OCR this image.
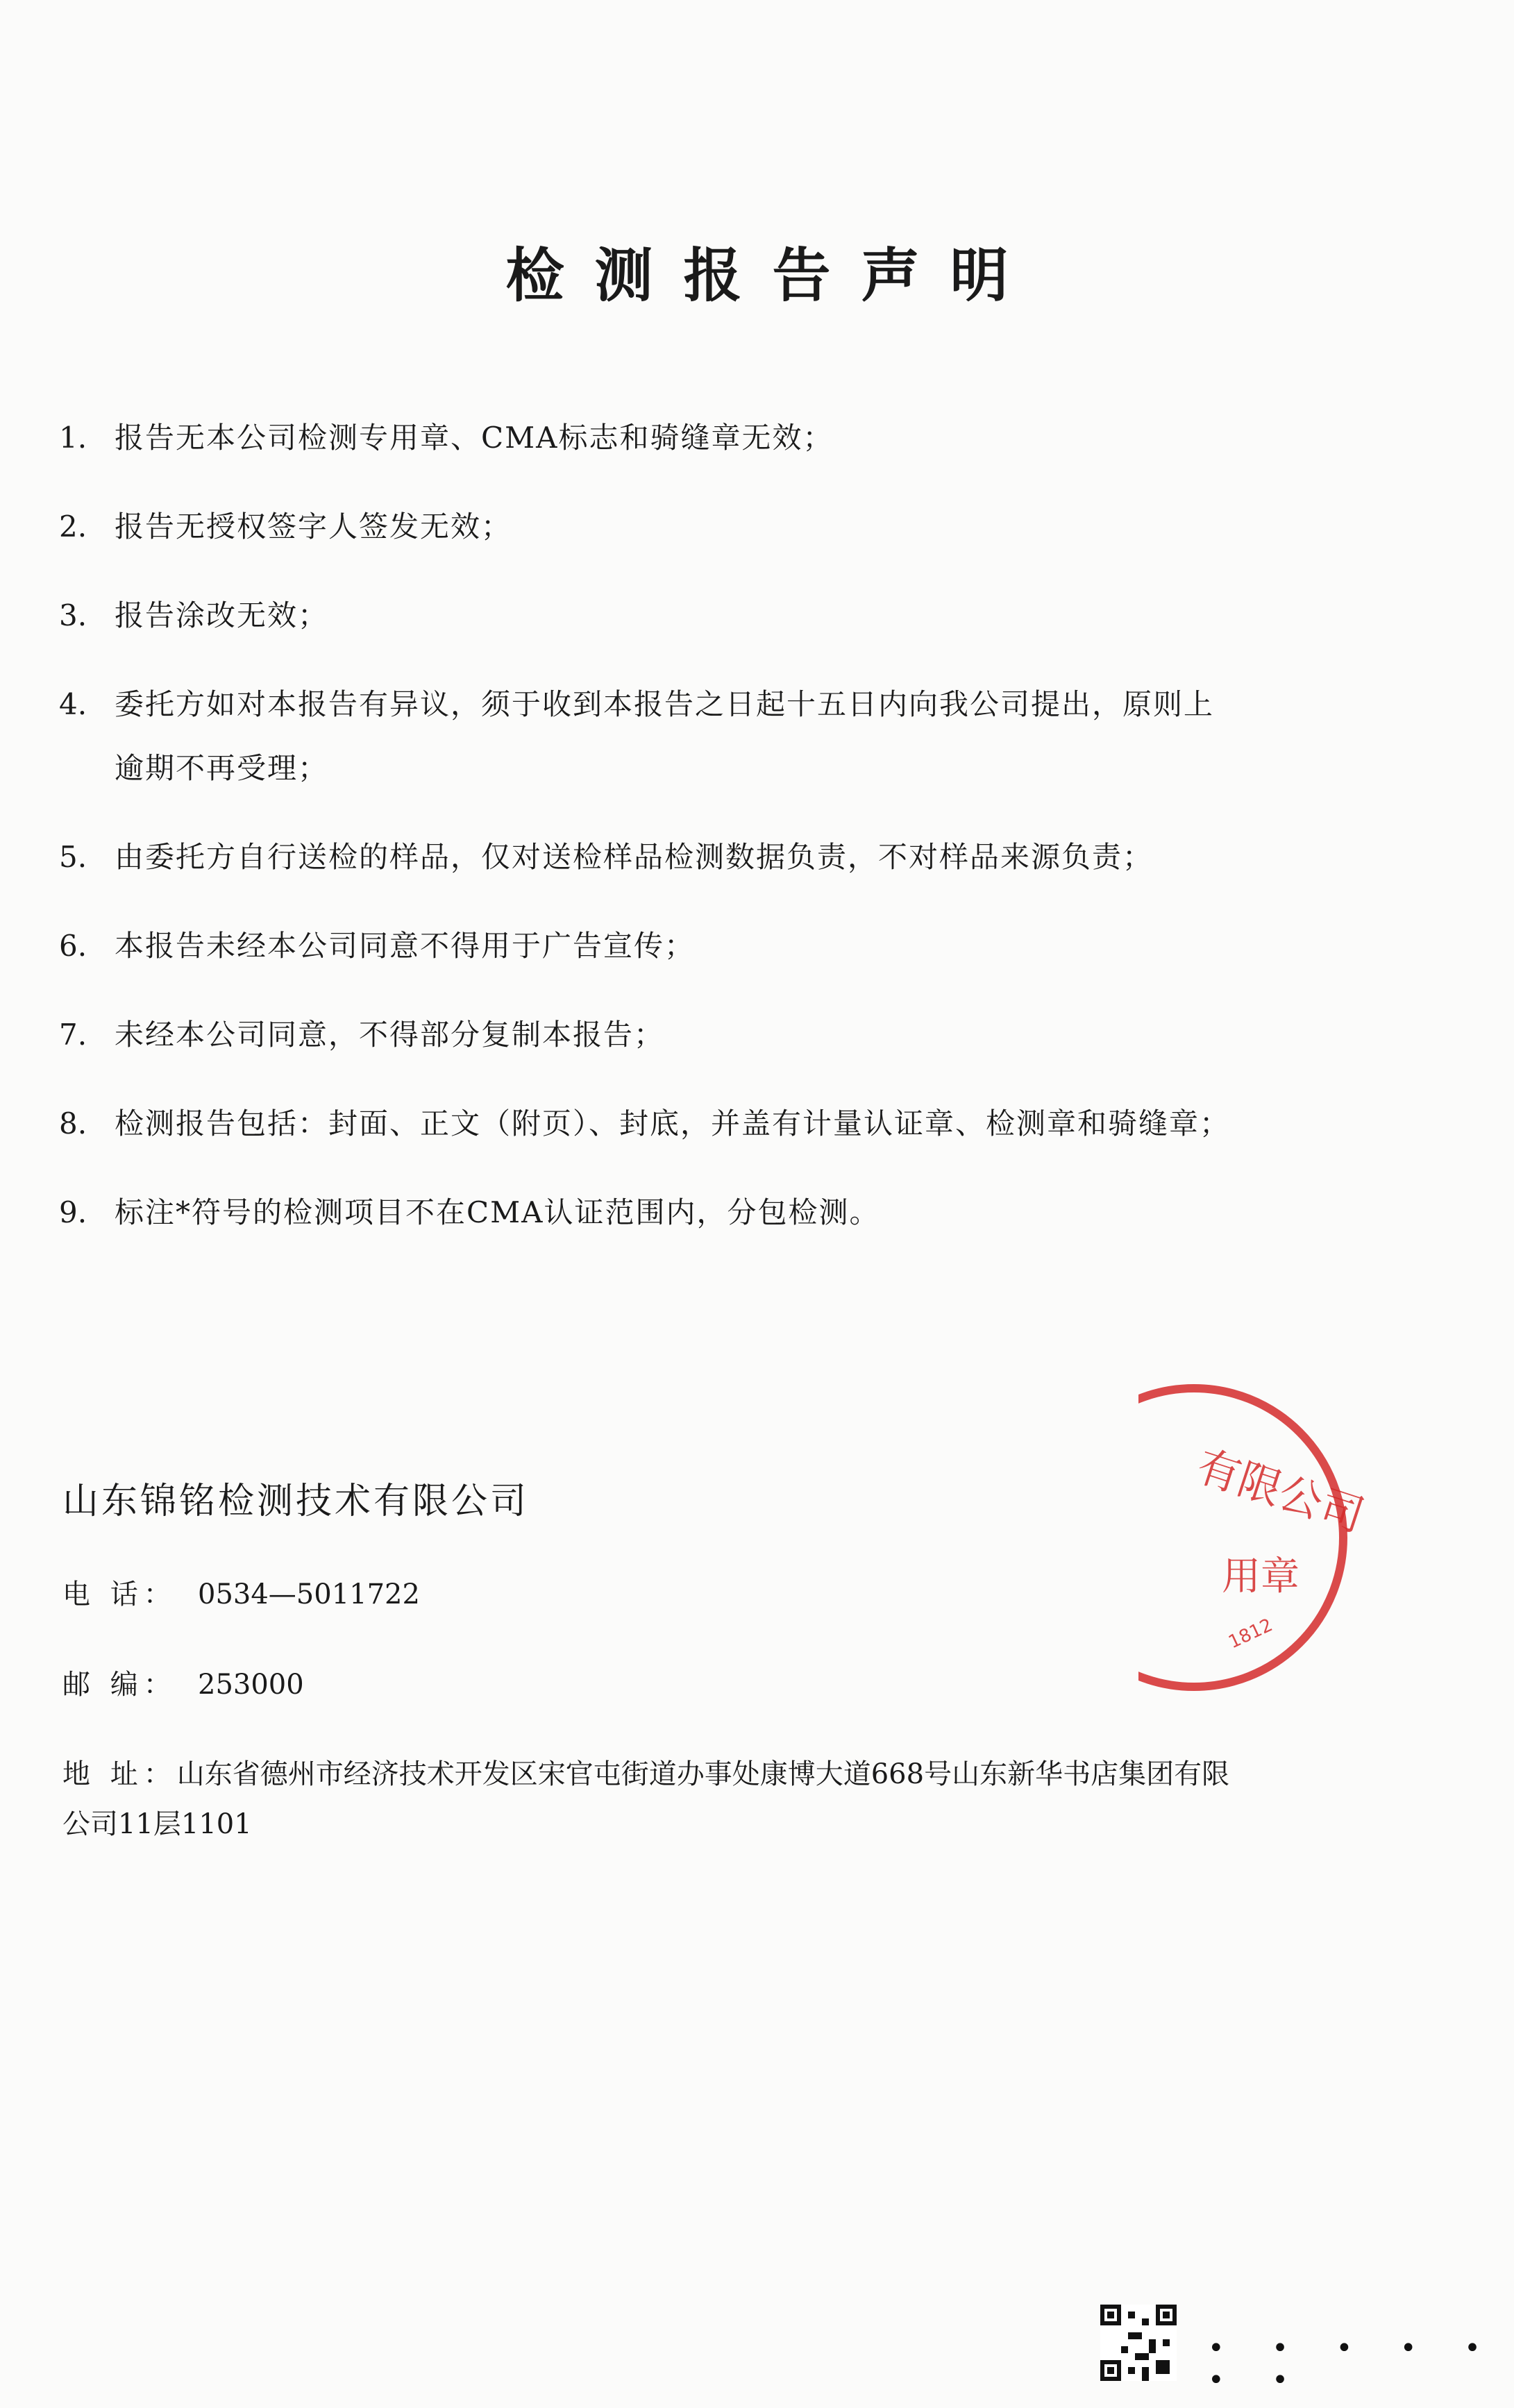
检测报告声明
1. 报告无本公司检测专用章、CMA标志和骑缝章无效；
2. 报告无授权签字人签发无效；
3. 报告涂改无效；
4. 委托方如对本报告有异议，须于收到本报告之日起十五日内向我公司提出，原则上逾期不再受理；
5. 由委托方自行送检的样品，仅对送检样品检测数据负责，不对样品来源负责；
6. 本报告未经本公司同意不得用于广告宣传；
7. 未经本公司同意，不得部分复制本报告；
8. 检测报告包括：封面、正文（附页）、封底，并盖有计量认证章、检测章和骑缝章；
9. 标注*符号的检测项目不在CMA认证范围内，分包检测。
山东锦铭检测技术有限公司
电 话： 0534—5011722
邮 编： 253000
地 址：山东省德州市经济技术开发区宋官屯街道办事处康博大道668号山东新华书店集团有限公司11层1101
有限公司
用章
1812
• • • • • • •
